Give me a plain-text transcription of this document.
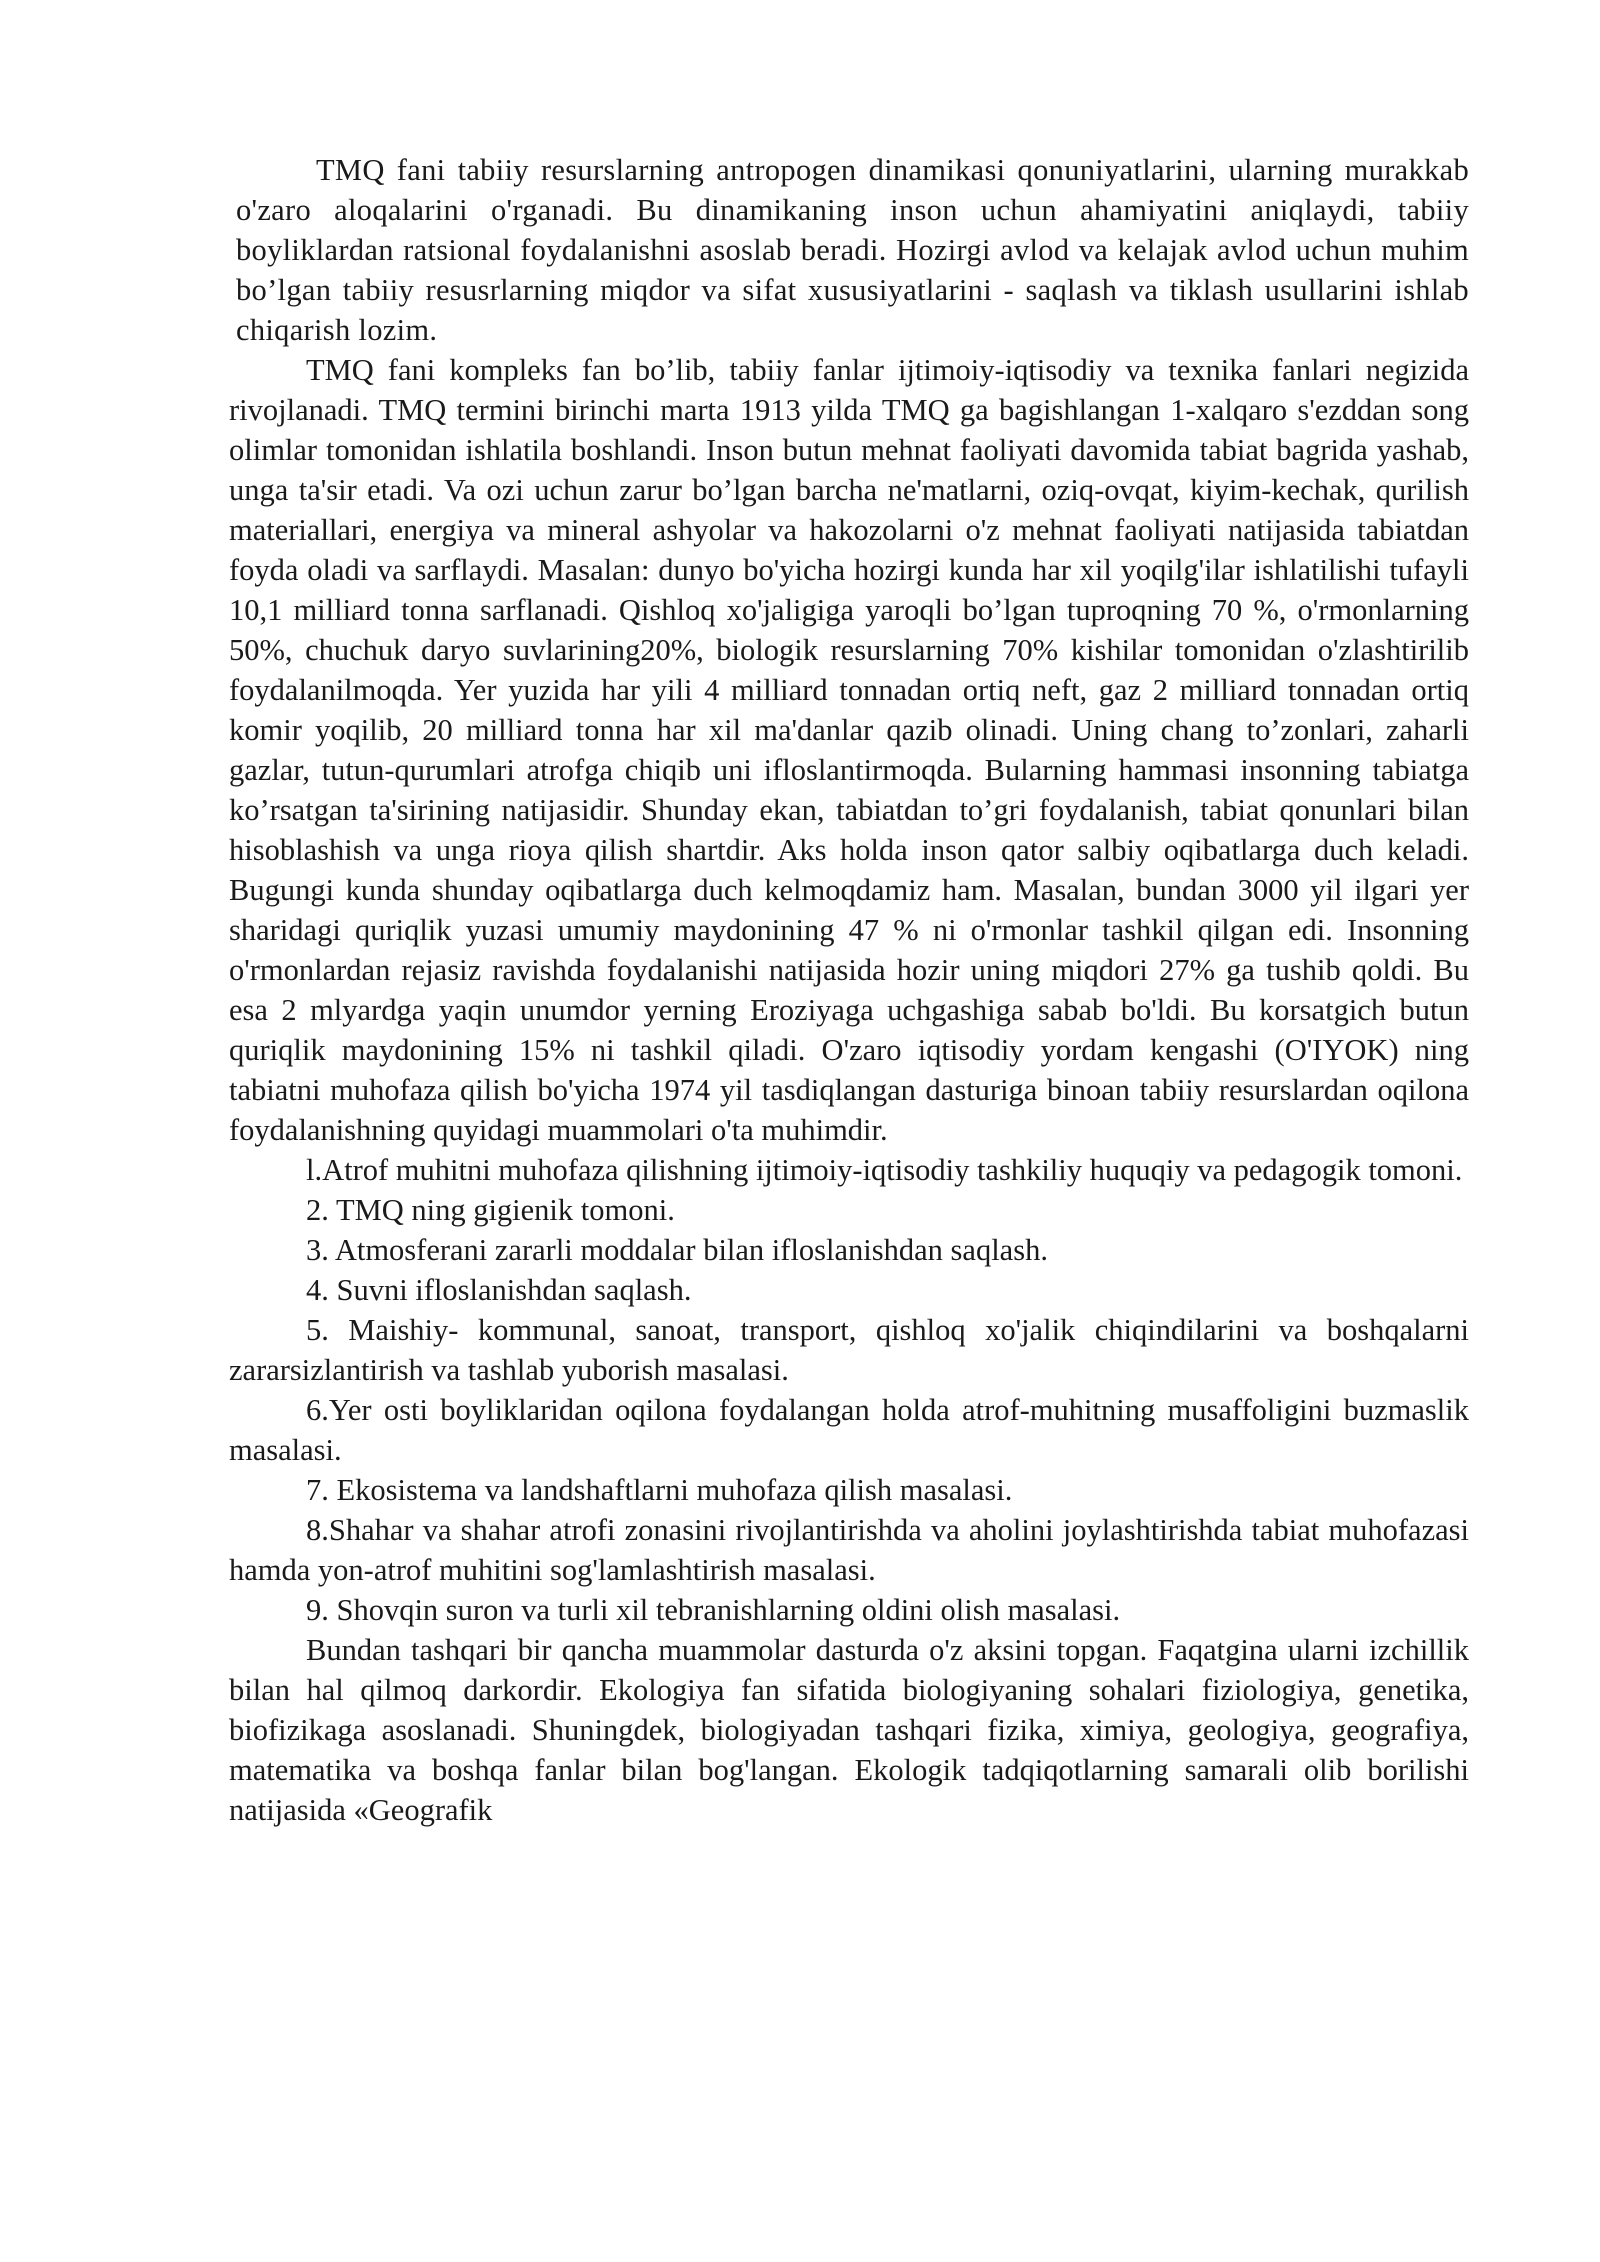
TMQ fani tabiiy resurslarning antropogen dinamikasi qonuniyatlarini, ularning murakkab o'zaro aloqalarini o'rganadi. Bu dinamikaning inson uchun ahamiyatini aniqlaydi, tabiiy boyliklardan ratsional foydalanishni asoslab beradi. Hozirgi avlod va kelajak avlod uchun muhim bo’lgan tabiiy resusrlarning miqdor va sifat xususiyatlarini - saqlash va tiklash usullarini ishlab chiqarish lozim.

TMQ fani kompleks fan bo’lib, tabiiy fanlar ijtimoiy-iqtisodiy va texnika fanlari negizida rivojlanadi. TMQ termini birinchi marta 1913 yilda TMQ ga bagishlangan 1-xalqaro s'ezddan song olimlar tomonidan ishlatila boshlandi. Inson butun mehnat faoliyati davomida tabiat bagrida yashab, unga ta'sir etadi. Va ozi uchun zarur bo’lgan barcha ne'matlarni, oziq-ovqat, kiyim-kechak, qurilish materiallari, energiya va mineral ashyolar va hakozolarni o'z mehnat faoliyati natijasida tabiatdan foyda oladi va sarflaydi. Masalan: dunyo bo'yicha hozirgi kunda har xil yoqilg'ilar ishlatilishi tufayli 10,1 milliard tonna sarflanadi. Qishloq xo'jaligiga yaroqli bo’lgan tuproqning 70 %, o'rmonlarning 50%, chuchuk daryo suvlarining20%, biologik resurslarning 70% kishilar tomonidan o'zlashtirilib foydalanilmoqda. Yer yuzida har yili 4 milliard tonnadan ortiq neft, gaz 2 milliard tonnadan ortiq komir yoqilib, 20 milliard tonna har xil ma'danlar qazib olinadi. Uning chang to’zonlari, zaharli gazlar, tutun-qurumlari atrofga chiqib uni ifloslantirmoqda. Bularning hammasi insonning tabiatga ko’rsatgan ta'sirining natijasidir. Shunday ekan, tabiatdan to’gri foydalanish, tabiat qonunlari bilan hisoblashish va unga rioya qilish shartdir. Aks holda inson qator salbiy oqibatlarga duch keladi. Bugungi kunda shunday oqibatlarga duch kelmoqdamiz ham. Masalan, bundan 3000 yil ilgari yer sharidagi quriqlik yuzasi umumiy maydonining 47 % ni o'rmonlar tashkil qilgan edi. Insonning o'rmonlardan rejasiz ravishda foydalanishi natijasida hozir uning miqdori 27% ga tushib qoldi. Bu esa 2 mlyardga yaqin unumdor yerning Eroziyaga uchgashiga sabab bo'ldi. Bu korsatgich butun quriqlik maydonining 15% ni tashkil qiladi. O'zaro iqtisodiy yordam kengashi (O'IYOK) ning tabiatni muhofaza qilish bo'yicha 1974 yil tasdiqlangan dasturiga binoan tabiiy resurslardan oqilona foydalanishning quyidagi muammolari o'ta muhimdir.

l.Atrof muhitni muhofaza qilishning ijtimoiy-iqtisodiy tashkiliy huquqiy va pedagogik tomoni.

2. TMQ ning gigienik tomoni.

3. Atmosferani zararli moddalar bilan ifloslanishdan saqlash.

4. Suvni ifloslanishdan saqlash.

5. Maishiy- kommunal, sanoat, transport, qishloq xo'jalik chiqindilarini va boshqalarni zararsizlantirish va tashlab yuborish masalasi.

6.Yer osti boyliklaridan oqilona foydalangan holda atrof-muhitning musaffoligini buzmaslik masalasi.

7. Ekosistema va landshaftlarni muhofaza qilish masalasi.

8.Shahar va shahar atrofi zonasini rivojlantirishda va aholini joylashtirishda tabiat muhofazasi hamda yon-atrof muhitini sog'lamlashtirish masalasi.

9. Shovqin suron va turli xil tebranishlarning oldini olish masalasi.

Bundan tashqari bir qancha muammolar dasturda o'z aksini topgan. Faqatgina ularni izchillik bilan hal qilmoq darkordir. Ekologiya fan sifatida biologiyaning sohalari fiziologiya, genetika, biofizikaga asoslanadi. Shuningdek, biologiyadan tashqari fizika, ximiya, geologiya, geografiya, matematika va boshqa fanlar bilan bog'langan. Ekologik tadqiqotlarning samarali olib borilishi natijasida «Geografik
